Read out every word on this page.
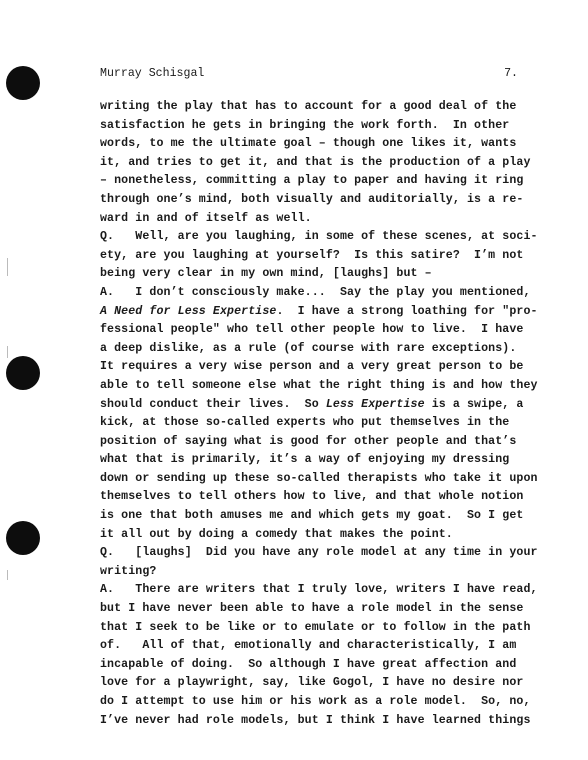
Murray Schisgal	7.
writing the play that has to account for a good deal of the
satisfaction he gets in bringing the work forth.  In other
words, to me the ultimate goal – though one likes it, wants
it, and tries to get it, and that is the production of a play
– nonetheless, committing a play to paper and having it ring
through one’s mind, both visually and auditorially, is a re-
ward in and of itself as well.
Q.   Well, are you laughing, in some of these scenes, at soci-
ety, are you laughing at yourself?  Is this satire?  I’m not
being very clear in my own mind, [laughs] but –
A.   I don’t consciously make...  Say the play you mentioned,
A Need for Less Expertise.  I have a strong loathing for "pro-
fessional people" who tell other people how to live.  I have
a deep dislike, as a rule (of course with rare exceptions).
It requires a very wise person and a very great person to be
able to tell someone else what the right thing is and how they
should conduct their lives.  So Less Expertise is a swipe, a
kick, at those so-called experts who put themselves in the
position of saying what is good for other people and that’s
what that is primarily, it’s a way of enjoying my dressing
down or sending up these so-called therapists who take it upon
themselves to tell others how to live, and that whole notion
is one that both amuses me and which gets my goat.  So I get
it all out by doing a comedy that makes the point.
Q.   [laughs]  Did you have any role model at any time in your
writing?
A.   There are writers that I truly love, writers I have read,
but I have never been able to have a role model in the sense
that I seek to be like or to emulate or to follow in the path
of.   All of that, emotionally and characteristically, I am
incapable of doing.  So although I have great affection and
love for a playwright, say, like Gogol, I have no desire nor
do I attempt to use him or his work as a role model.  So, no,
I’ve never had role models, but I think I have learned things
